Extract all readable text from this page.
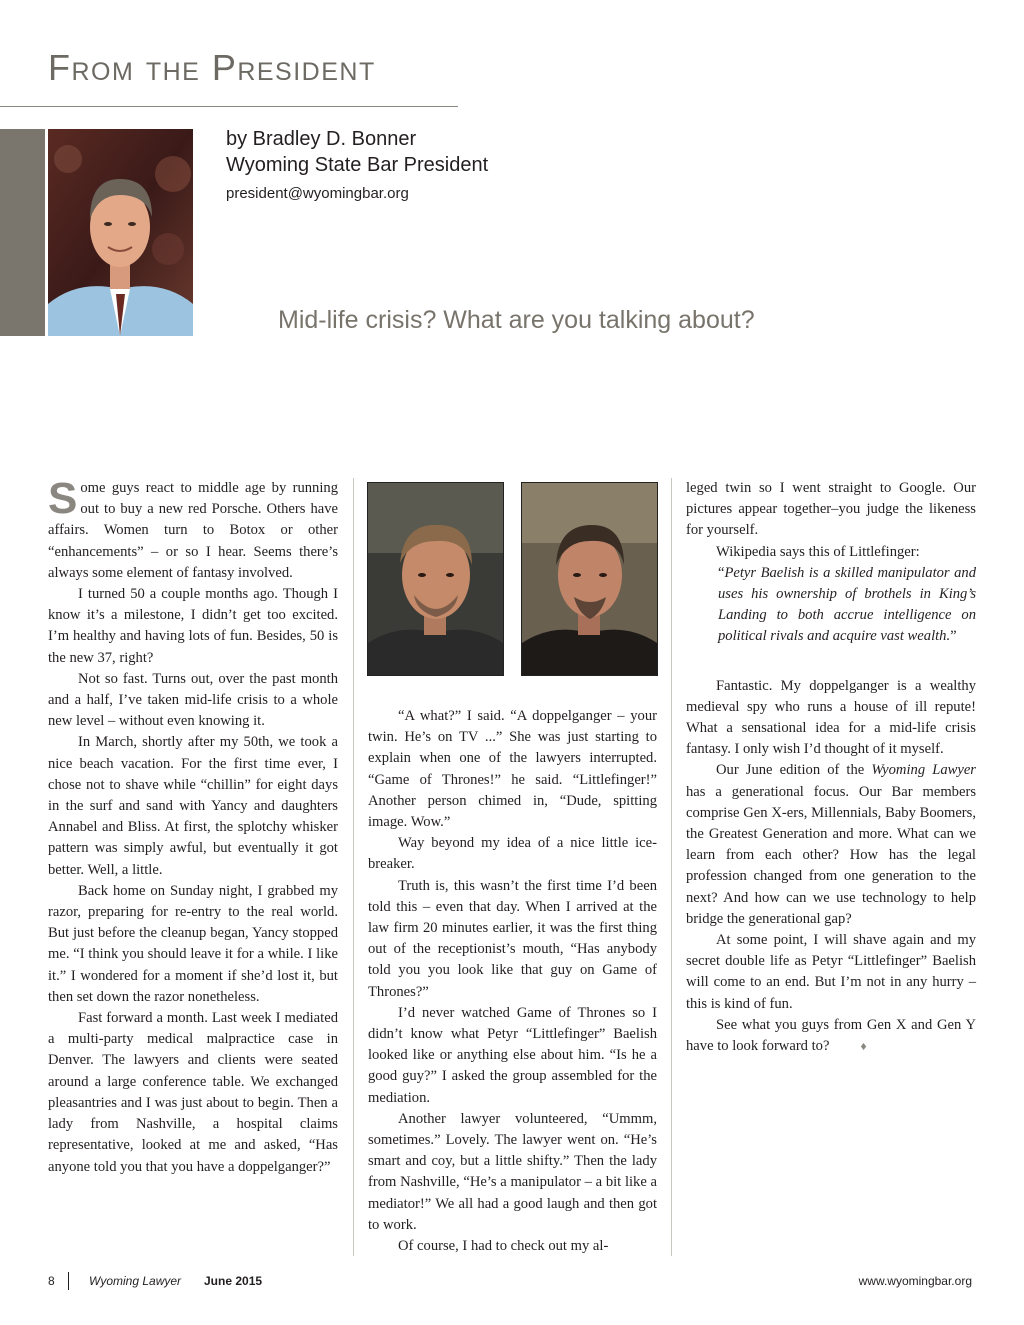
From the President
by Bradley D. Bonner
Wyoming State Bar President
president@wyomingbar.org
Mid-life crisis? What are you talking about?

Some guys react to middle age by running out to buy a new red Porsche. Others have affairs. Women turn to Botox or other “enhancements” – or so I hear. Seems there’s always some element of fantasy involved.

I turned 50 a couple months ago. Though I know it’s a milestone, I didn’t get too excited. I’m healthy and having lots of fun. Besides, 50 is the new 37, right?

Not so fast. Turns out, over the past month and a half, I’ve taken mid-life crisis to a whole new level – without even knowing it.

In March, shortly after my 50th, we took a nice beach vacation. For the first time ever, I chose not to shave while “chillin” for eight days in the surf and sand with Yancy and daughters Annabel and Bliss. At first, the splotchy whisker pattern was simply awful, but eventually it got better. Well, a little.

Back home on Sunday night, I grabbed my razor, preparing for re-entry to the real world. But just before the cleanup began, Yancy stopped me. “I think you should leave it for a while. I like it.” I wondered for a moment if she’d lost it, but then set down the razor nonetheless.

Fast forward a month. Last week I mediated a multi-party medical malpractice case in Denver. The lawyers and clients were seated around a large conference table. We exchanged pleasantries and I was just about to begin. Then a lady from Nashville, a hospital claims representative, looked at me and asked, “Has anyone told you that you have a doppelganger?”

“A what?” I said. “A doppelganger – your twin. He’s on TV ...” She was just starting to explain when one of the lawyers interrupted. “Game of Thrones!” he said. “Littlefinger!” Another person chimed in, “Dude, spitting image. Wow.”

Way beyond my idea of a nice little ice-breaker.

Truth is, this wasn’t the first time I’d been told this – even that day. When I arrived at the law firm 20 minutes earlier, it was the first thing out of the receptionist’s mouth, “Has anybody told you you look like that guy on Game of Thrones?”

I’d never watched Game of Thrones so I didn’t know what Petyr “Littlefinger” Baelish looked like or anything else about him. “Is he a good guy?” I asked the group assembled for the mediation.

Another lawyer volunteered, “Ummm, sometimes.” Lovely. The lawyer went on. “He’s smart and coy, but a little shifty.” Then the lady from Nashville, “He’s a manipulator – a bit like a mediator!” We all had a good laugh and then got to work.

Of course, I had to check out my al-

leged twin so I went straight to Google. Our pictures appear together–you judge the likeness for yourself.

Wikipedia says this of Littlefinger:

“Petyr Baelish is a skilled manipulator and uses his ownership of brothels in King’s Landing to both accrue intelligence on political rivals and acquire vast wealth.”

Fantastic. My doppelganger is a wealthy medieval spy who runs a house of ill repute! What a sensational idea for a mid-life crisis fantasy. I only wish I’d thought of it myself.

Our June edition of the Wyoming Lawyer has a generational focus. Our Bar members comprise Gen X-ers, Millennials, Baby Boomers, the Greatest Generation and more. What can we learn from each other? How has the legal profession changed from one generation to the next? And how can we use technology to help bridge the generational gap?

At some point, I will shave again and my secret double life as Petyr “Littlefinger” Baelish will come to an end. But I’m not in any hurry – this is kind of fun.

See what you guys from Gen X and Gen Y have to look forward to?	♦

8	Wyoming Lawyer June 2015	www.wyomingbar.org
